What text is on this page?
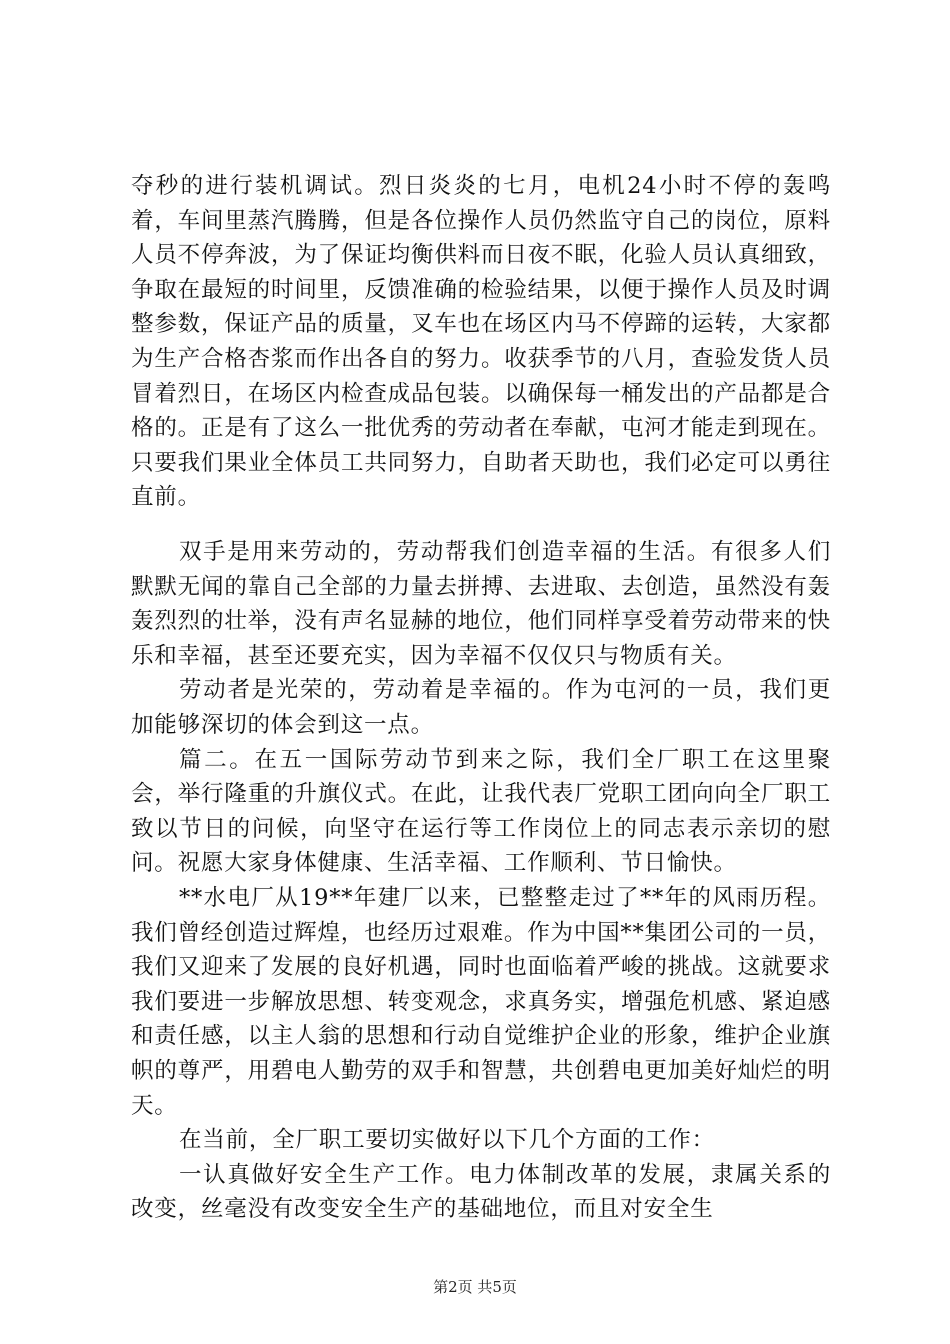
夺秒的进行装机调试。烈日炎炎的七月，电机24小时不停的轰鸣着，车间里蒸汽腾腾，但是各位操作人员仍然监守自己的岗位，原料人员不停奔波，为了保证均衡供料而日夜不眠，化验人员认真细致，争取在最短的时间里，反馈准确的检验结果，以便于操作人员及时调整参数，保证产品的质量，叉车也在场区内马不停蹄的运转，大家都为生产合格杏浆而作出各自的努力。收获季节的八月，查验发货人员冒着烈日，在场区内检查成品包装。以确保每一桶发出的产品都是合格的。正是有了这么一批优秀的劳动者在奉献，屯河才能走到现在。只要我们果业全体员工共同努力，自助者天助也，我们必定可以勇往直前。

双手是用来劳动的，劳动帮我们创造幸福的生活。有很多人们默默无闻的靠自己全部的力量去拼搏、去进取、去创造，虽然没有轰轰烈烈的壮举，没有声名显赫的地位，他们同样享受着劳动带来的快乐和幸福，甚至还要充实，因为幸福不仅仅只与物质有关。

劳动者是光荣的，劳动着是幸福的。作为屯河的一员，我们更加能够深切的体会到这一点。

篇二。在五一国际劳动节到来之际，我们全厂职工在这里聚会，举行隆重的升旗仪式。在此，让我代表厂党职工团向向全厂职工致以节日的问候，向坚守在运行等工作岗位上的同志表示亲切的慰问。祝愿大家身体健康、生活幸福、工作顺利、节日愉快。

**水电厂从19**年建厂以来，已整整走过了**年的风雨历程。我们曾经创造过辉煌，也经历过艰难。作为中国**集团公司的一员，我们又迎来了发展的良好机遇，同时也面临着严峻的挑战。这就要求我们要进一步解放思想、转变观念，求真务实，增强危机感、紧迫感和责任感，以主人翁的思想和行动自觉维护企业的形象，维护企业旗帜的尊严，用碧电人勤劳的双手和智慧，共创碧电更加美好灿烂的明天。

在当前，全厂职工要切实做好以下几个方面的工作：

一认真做好安全生产工作。电力体制改革的发展，隶属关系的改变，丝毫没有改变安全生产的基础地位，而且对安全生

第2页 共5页
